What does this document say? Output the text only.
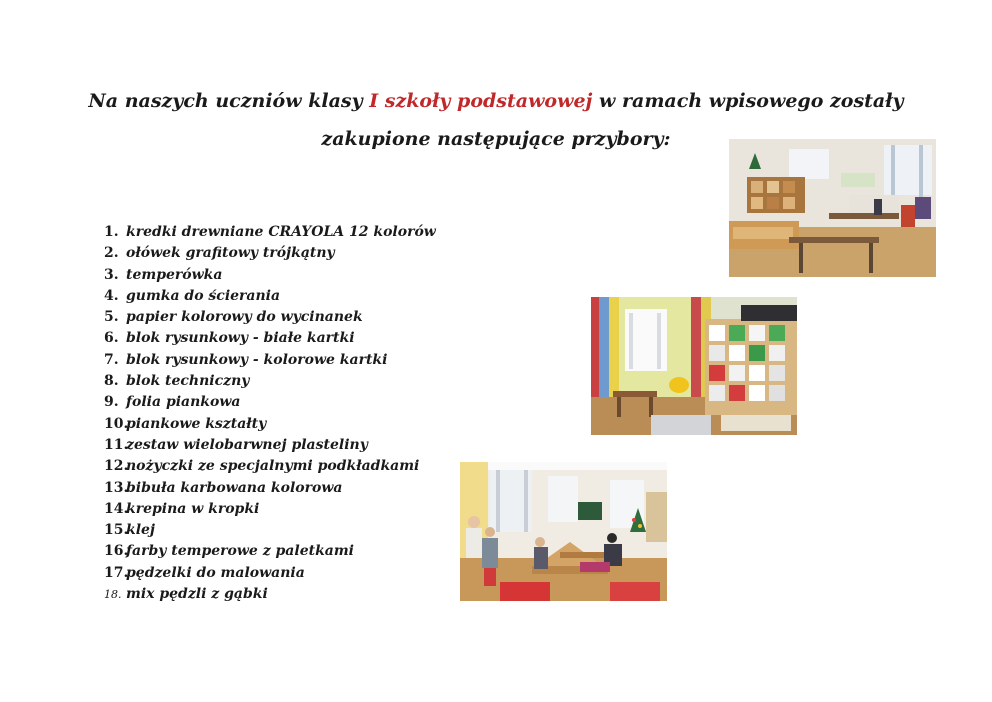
Na naszych uczniów klasy I szkoły podstawowej w ramach wpisowego zostały
zakupione następujące przybory:
1. kredki drewniane CRAYOLA 12 kolorów
2. ołówek grafitowy trójkątny
3. temperówka
4. gumka do ścierania
5. papier kolorowy do wycinanek
6. blok rysunkowy - białe kartki
7. blok rysunkowy - kolorowe kartki
8. blok techniczny
9. folia piankowa
10.piankowe kształty
11.zestaw wielobarwnej plasteliny
12.nożyczki ze specjalnymi podkładkami
13.bibuła karbowana kolorowa
14.krepina w kropki
15.klej
16.farby temperowe z paletkami
17.pędzelki do malowania
18. mix pędzli z gąbki
